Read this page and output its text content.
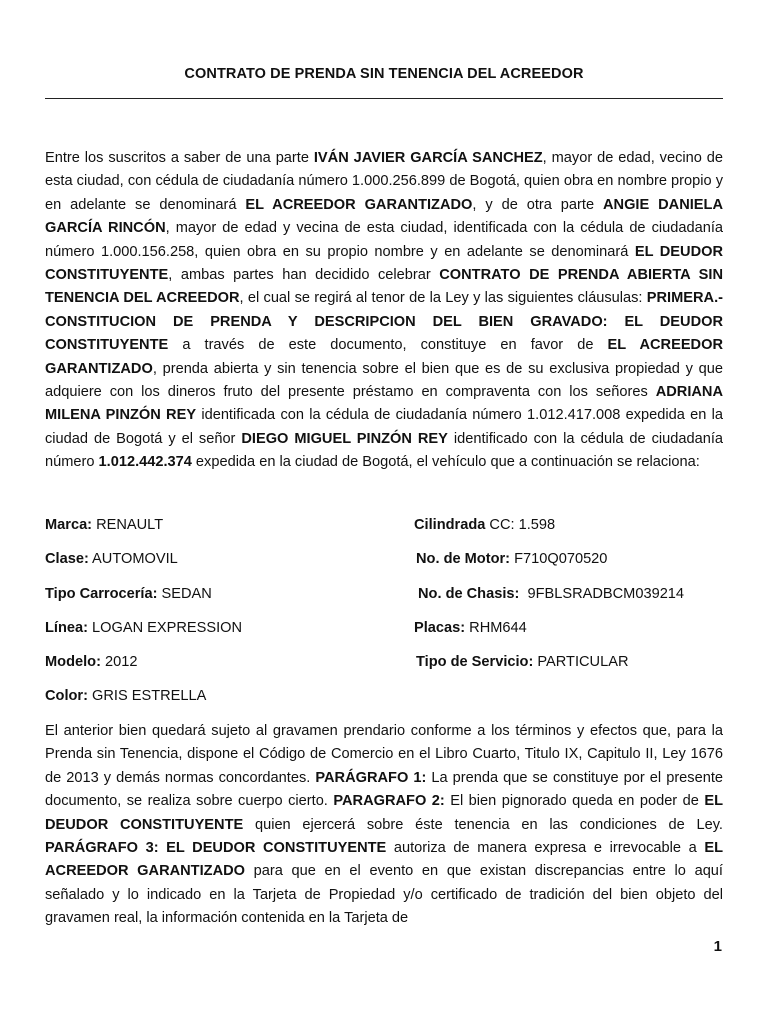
CONTRATO DE PRENDA SIN TENENCIA DEL ACREEDOR

Entre los suscritos a saber de una parte IVÁN JAVIER GARCÍA SANCHEZ, mayor de edad, vecino de esta ciudad, con cédula de ciudadanía número 1.000.256.899 de Bogotá, quien obra en nombre propio y en adelante se denominará EL ACREEDOR GARANTIZADO, y de otra parte ANGIE DANIELA GARCÍA RINCÓN, mayor de edad y vecina de esta ciudad, identificada con la cédula de ciudadanía número 1.000.156.258, quien obra en su propio nombre y en adelante se denominará EL DEUDOR CONSTITUYENTE, ambas partes han decidido celebrar CONTRATO DE PRENDA ABIERTA SIN TENENCIA DEL ACREEDOR, el cual se regirá al tenor de la Ley y las siguientes cláusulas: PRIMERA.-CONSTITUCION DE PRENDA Y DESCRIPCION DEL BIEN GRAVADO: EL DEUDOR CONSTITUYENTE a través de este documento, constituye en favor de EL ACREEDOR GARANTIZADO, prenda abierta y sin tenencia sobre el bien que es de su exclusiva propiedad y que adquiere con los dineros fruto del presente préstamo en compraventa con los señores ADRIANA MILENA PINZÓN REY identificada con la cédula de ciudadanía número 1.012.417.008 expedida en la ciudad de Bogotá y el señor DIEGO MIGUEL PINZÓN REY identificado con la cédula de ciudadanía número 1.012.442.374 expedida en la ciudad de Bogotá, el vehículo que a continuación se relaciona:

Marca: RENAULT	Cilindrada CC: 1.598
Clase: AUTOMOVIL	No. de Motor: F710Q070520
Tipo Carrocería: SEDAN	No. de Chasis:  9FBLSRADBCM039214
Línea: LOGAN EXPRESSION	Placas: RHM644
Modelo: 2012	Tipo de Servicio: PARTICULAR
Color: GRIS ESTRELLA

El anterior bien quedará sujeto al gravamen prendario conforme a los términos y efectos que, para la Prenda sin Tenencia, dispone el Código de Comercio en el Libro Cuarto, Titulo IX, Capitulo II, Ley 1676 de 2013 y demás normas concordantes. PARÁGRAFO 1: La prenda que se constituye por el presente documento, se realiza sobre cuerpo cierto. PARAGRAFO 2: El bien pignorado queda en poder de EL DEUDOR CONSTITUYENTE quien ejercerá sobre éste tenencia en las condiciones de Ley. PARÁGRAFO 3: EL DEUDOR CONSTITUYENTE autoriza de manera expresa e irrevocable a EL ACREEDOR GARANTIZADO para que en el evento en que existan discrepancias entre lo aquí señalado y lo indicado en la Tarjeta de Propiedad y/o certificado de tradición del bien objeto del gravamen real, la información contenida en la Tarjeta de

1
